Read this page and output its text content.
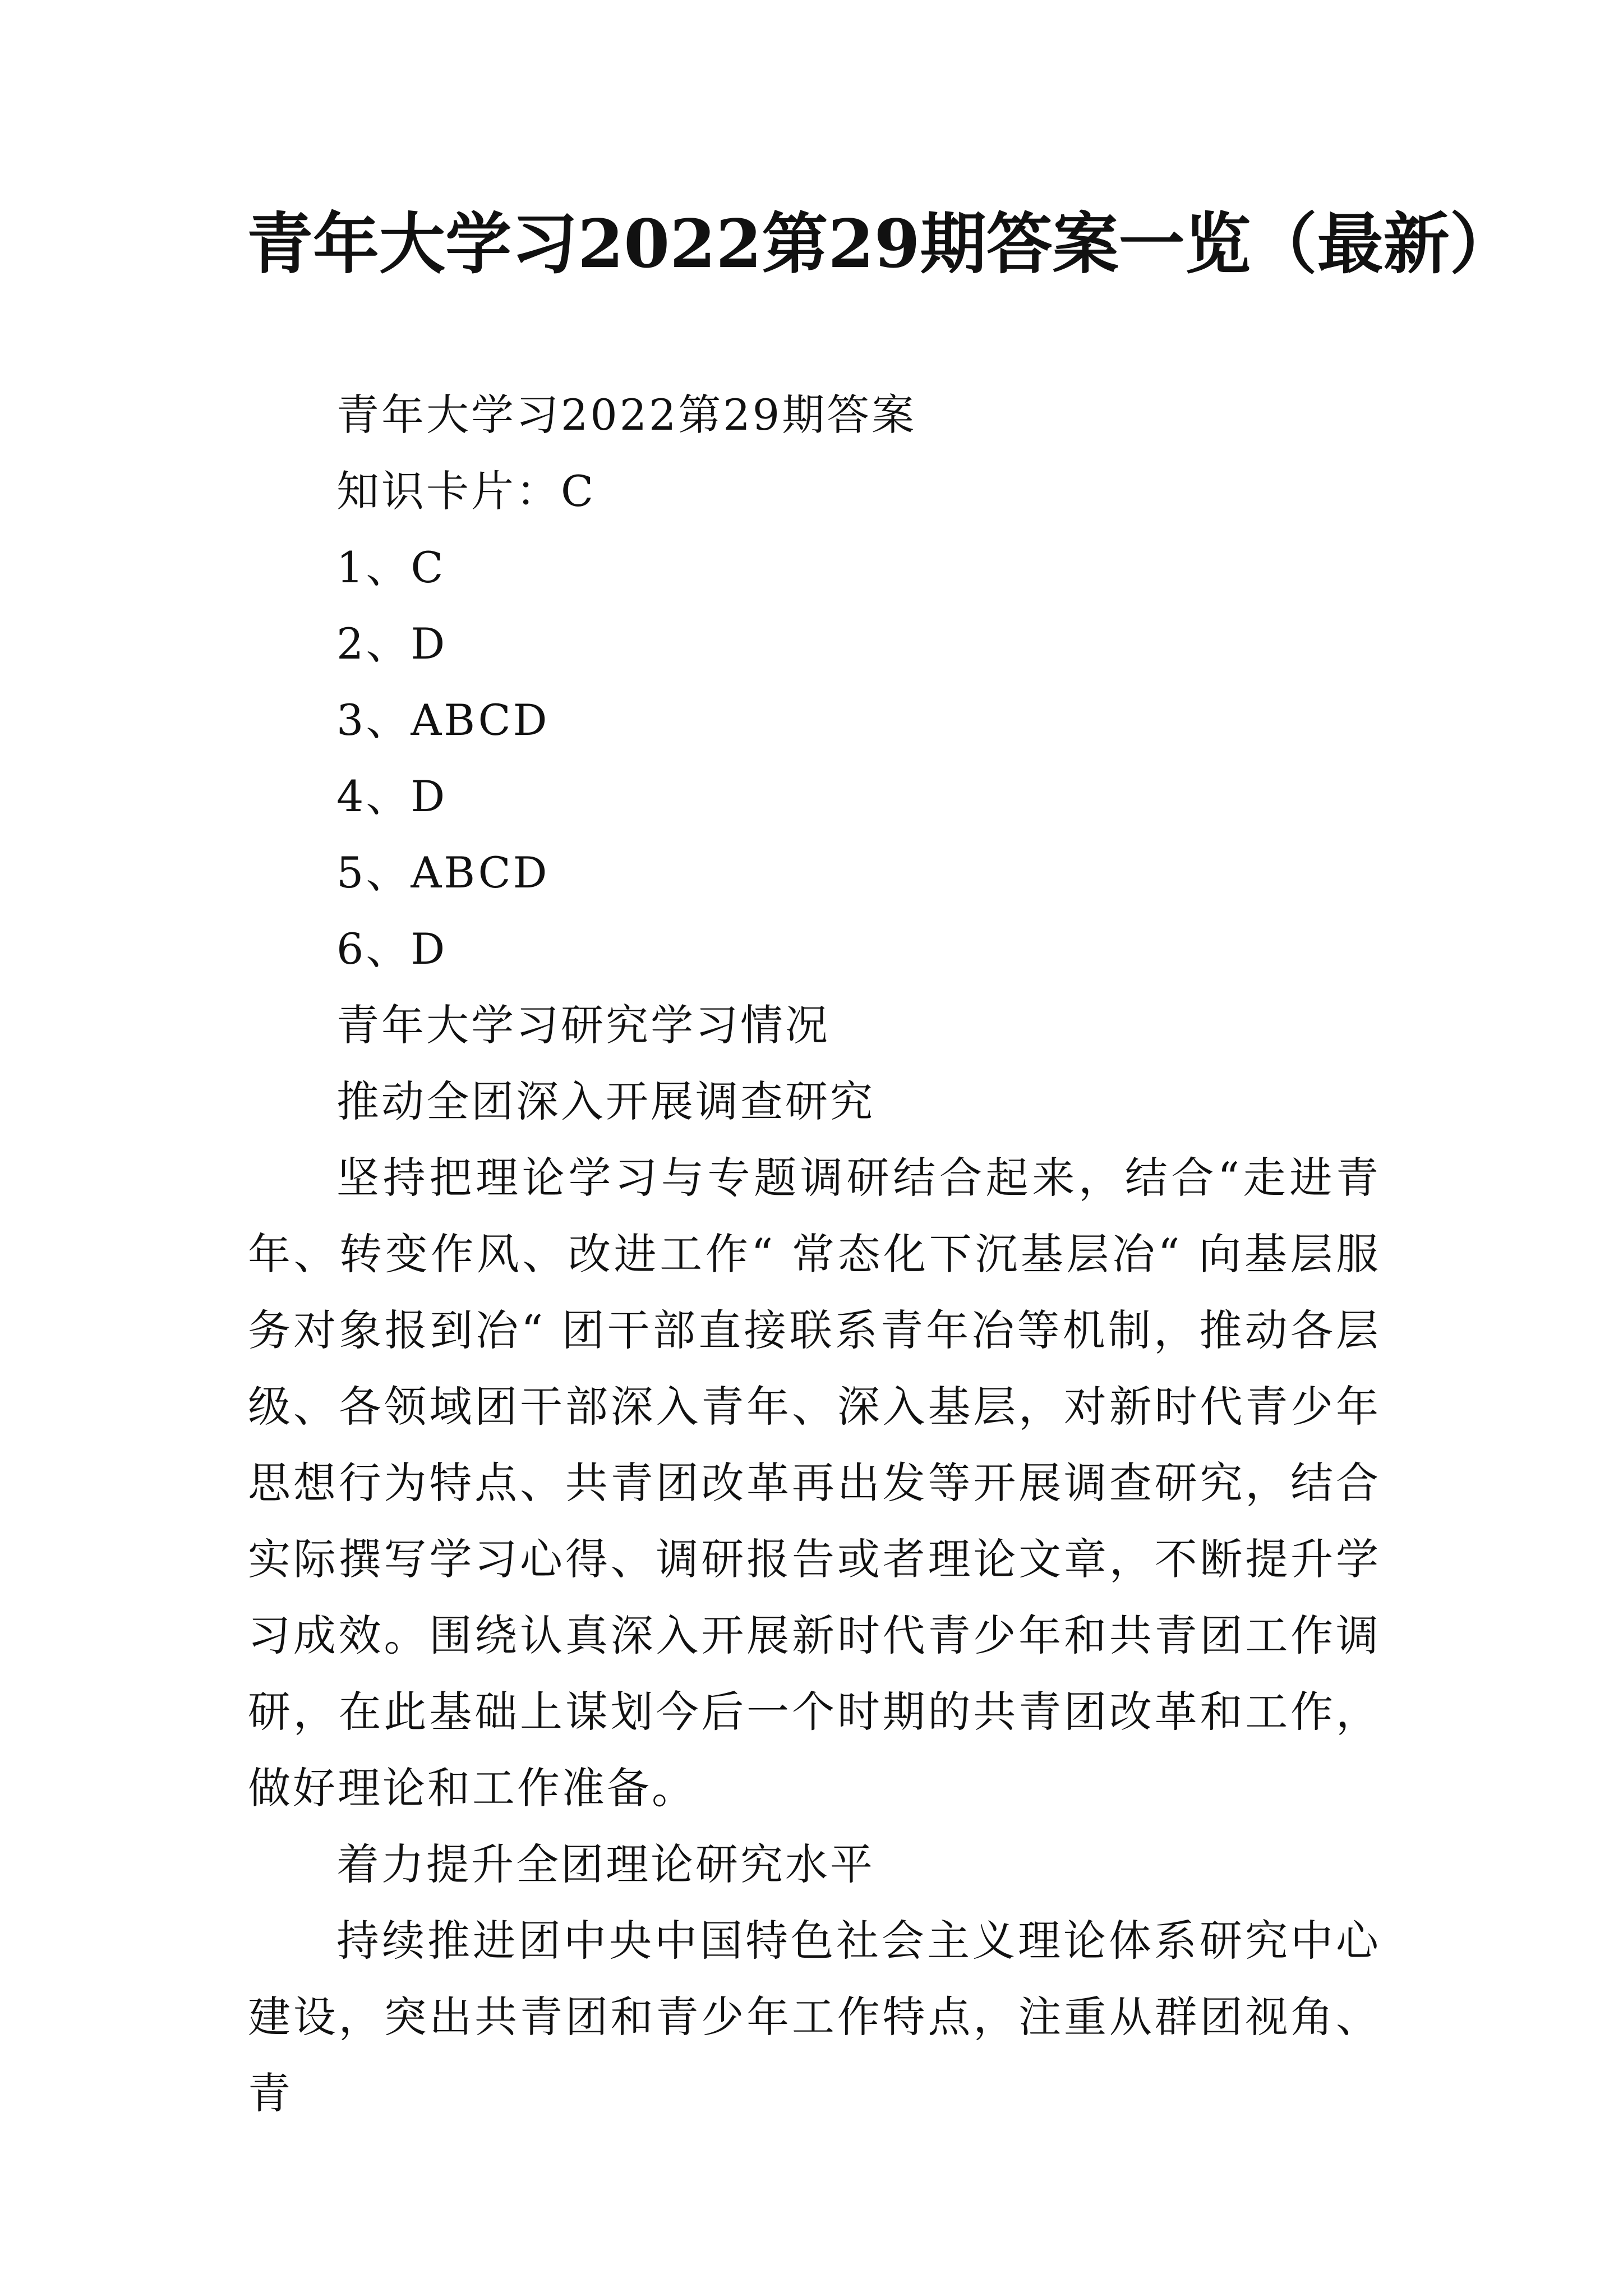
青年大学习2022第29期答案一览（最新）

青年大学习2022第29期答案

知识卡片：C

1、C

2、D

3、ABCD

4、D

5、ABCD

6、D

青年大学习研究学习情况

推动全团深入开展调查研究

坚持把理论学习与专题调研结合起来，结合“走进青年、转变作风、改进工作“ 常态化下沉基层冶“ 向基层服务对象报到冶“ 团干部直接联系青年冶等机制，推动各层级、各领域团干部深入青年、深入基层，对新时代青少年思想行为特点、共青团改革再出发等开展调查研究，结合实际撰写学习心得、调研报告或者理论文章，不断提升学习成效。围绕认真深入开展新时代青少年和共青团工作调研，在此基础上谋划今后一个时期的共青团改革和工作，做好理论和工作准备。

着力提升全团理论研究水平

持续推进团中央中国特色社会主义理论体系研究中心建设，突出共青团和青少年工作特点，注重从群团视角、青
